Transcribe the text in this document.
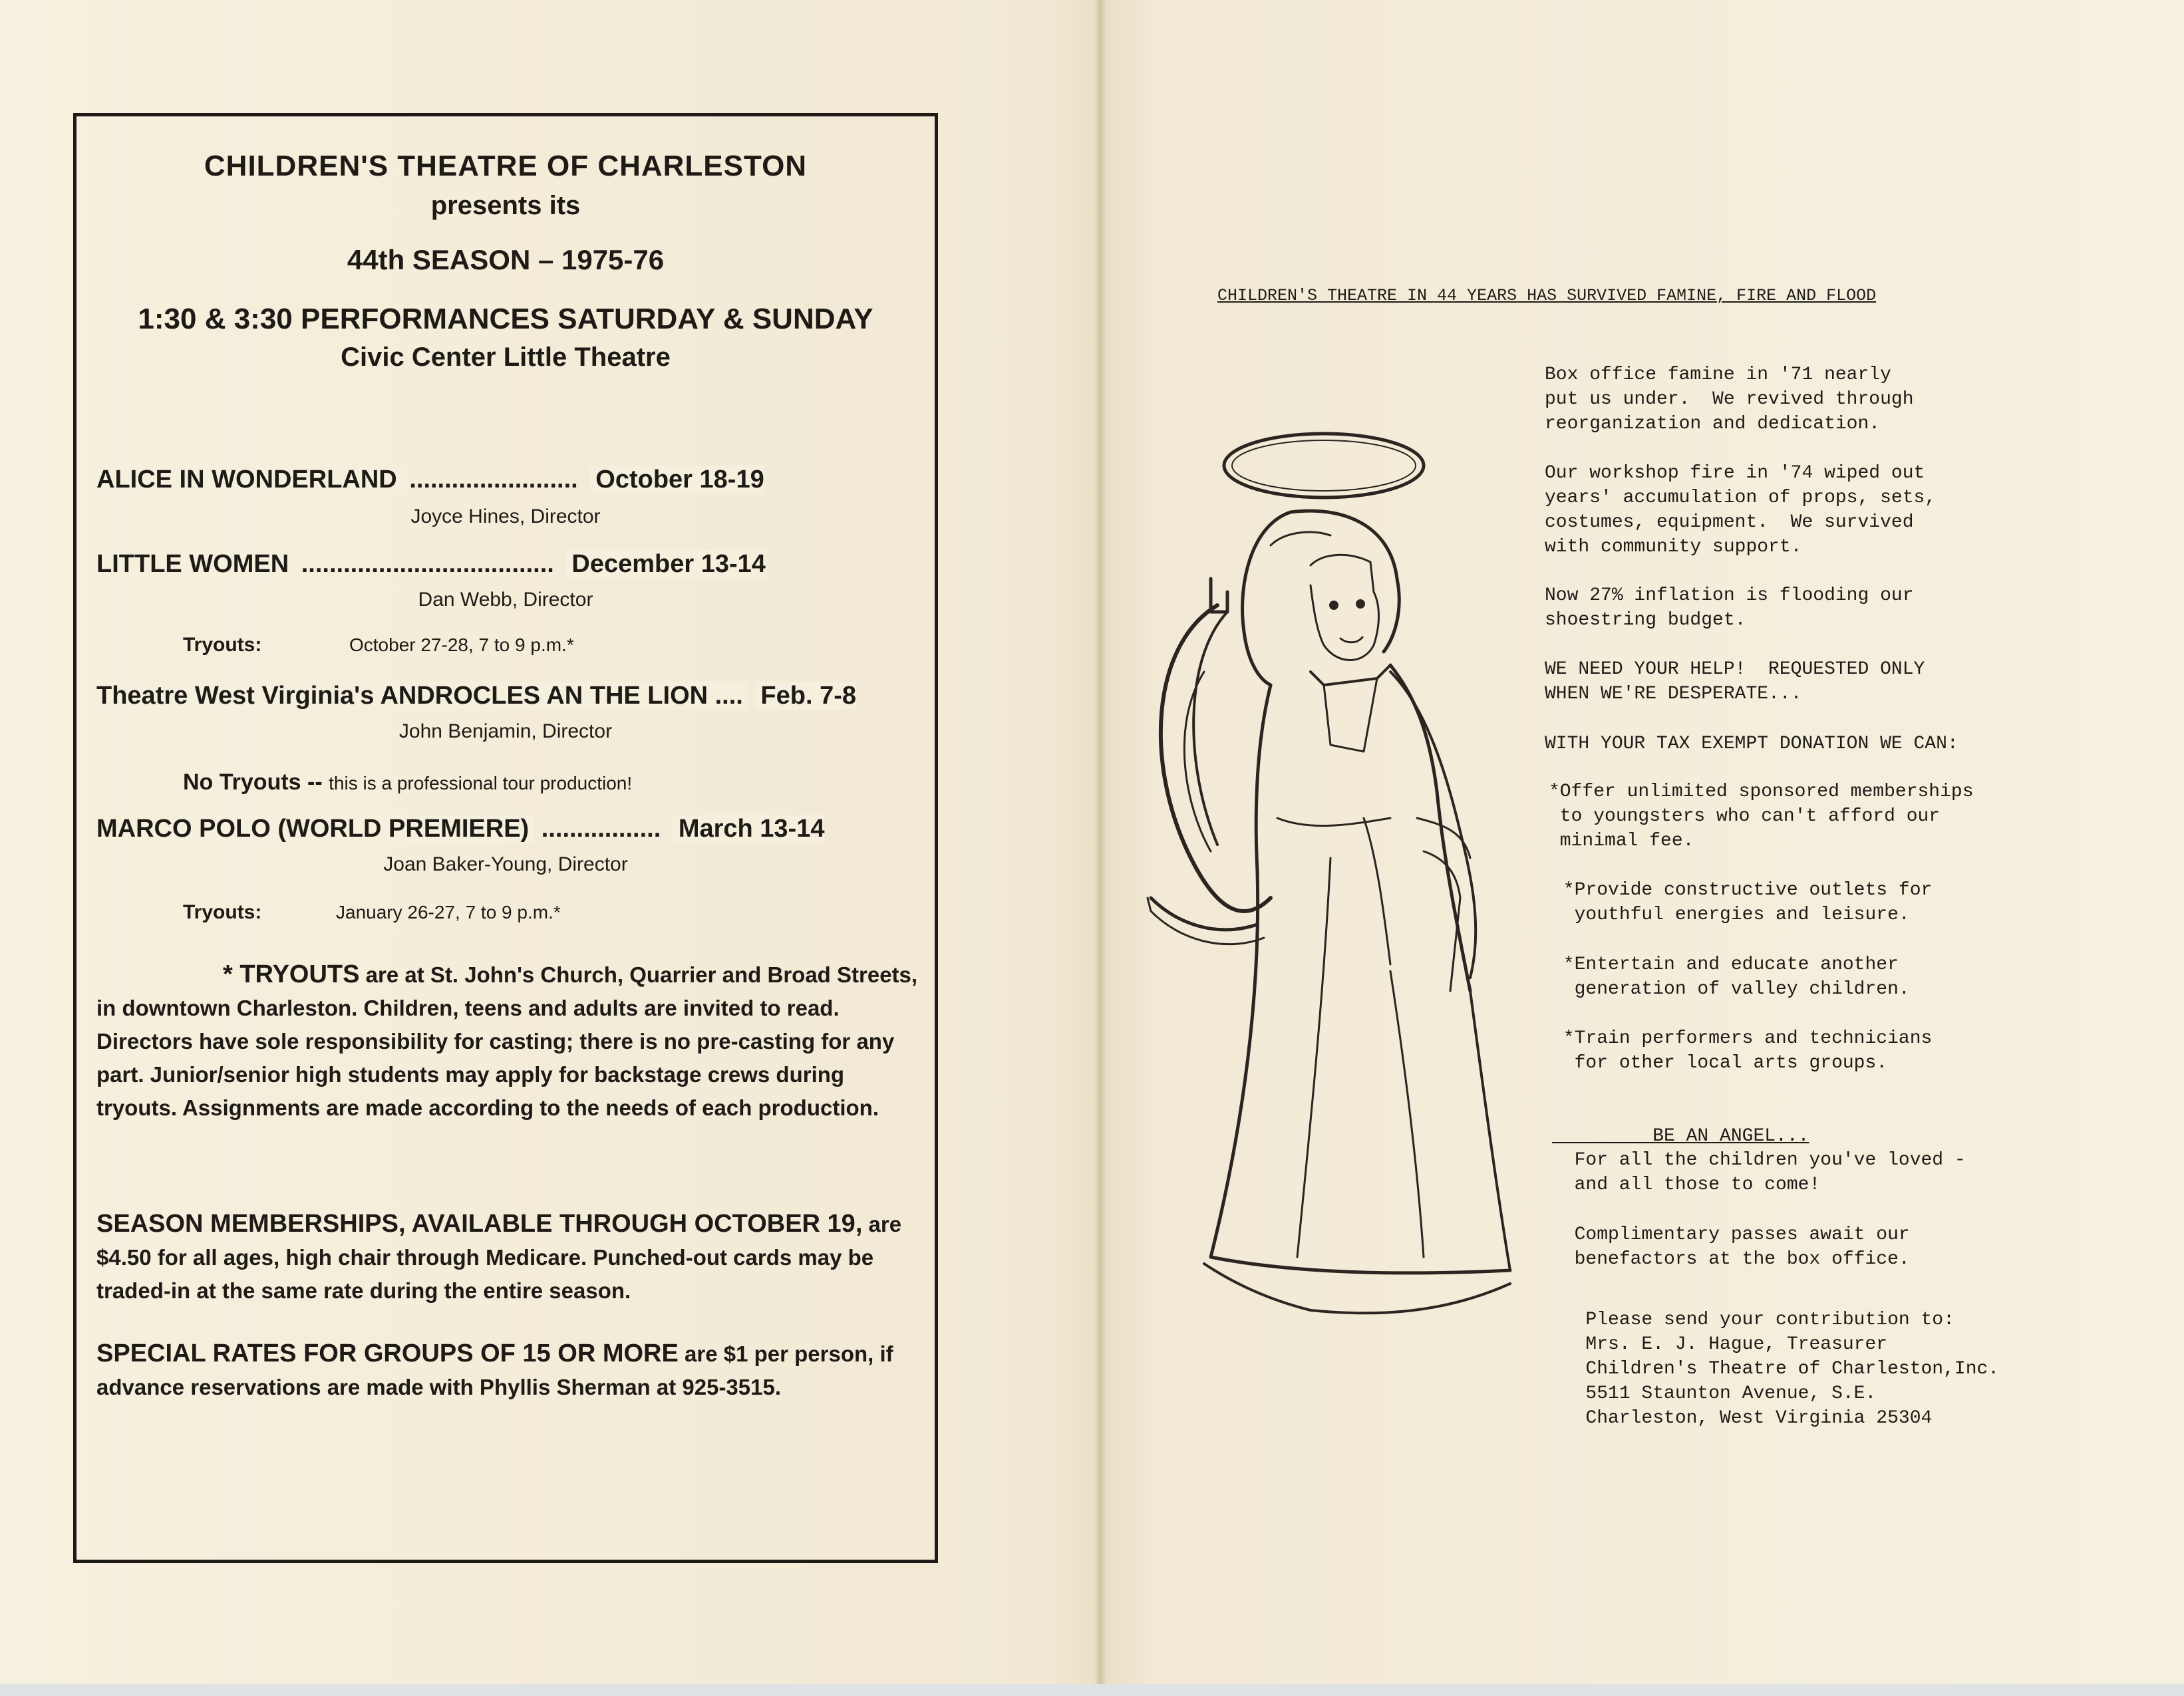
CHILDREN'S THEATRE OF CHARLESTON
presents its
44th SEASON – 1975-76
1:30 & 3:30 PERFORMANCES SATURDAY & SUNDAY
Civic Center Little Theatre
ALICE IN WONDERLAND ........................ October 18-19
Joyce Hines, Director
LITTLE WOMEN .................................... December 13-14
Dan Webb, Director
Tryouts:	October 27-28, 7 to 9 p.m.*
Theatre West Virginia's ANDROCLES AN THE LION .... Feb. 7-8
John Benjamin, Director
No Tryouts -- this is a professional tour production!
MARCO POLO (WORLD PREMIERE) ................. March 13-14
Joan Baker-Young, Director
Tryouts:	January 26-27, 7 to 9 p.m.*
* TRYOUTS are at St. John's Church, Quarrier and Broad Streets, in downtown Charleston. Children, teens and adults are invited to read. Directors have sole responsibility for casting; there is no pre-casting for any part. Junior/senior high students may apply for backstage crews during tryouts. Assignments are made according to the needs of each production.
SEASON MEMBERSHIPS, AVAILABLE THROUGH OCTOBER 19, are $4.50 for all ages, high chair through Medicare. Punched-out cards may be traded-in at the same rate during the entire season.
SPECIAL RATES FOR GROUPS OF 15 OR MORE are $1 per person, if advance reservations are made with Phyllis Sherman at 925-3515.
CHILDREN'S THEATRE IN 44 YEARS HAS SURVIVED FAMINE, FIRE AND FLOOD
Box office famine in '71 nearly
put us under.  We revived through
reorganization and dedication.
Our workshop fire in '74 wiped out
years' accumulation of props, sets,
costumes, equipment.  We survived
with community support.
Now 27% inflation is flooding our
shoestring budget.
WE NEED YOUR HELP!  REQUESTED ONLY
WHEN WE'RE DESPERATE...
WITH YOUR TAX EXEMPT DONATION WE CAN:
*Offer unlimited sponsored memberships
to youngsters who can't afford our
minimal fee.
*Provide constructive outlets for
youthful energies and leisure.
*Entertain and educate another
generation of valley children.
*Train performers and technicians
for other local arts groups.
BE AN ANGEL...
For all the children you've loved -
and all those to come!
Complimentary passes await our
benefactors at the box office.
Please send your contribution to:
Mrs. E. J. Hague, Treasurer
Children's Theatre of Charleston,Inc.
5511 Staunton Avenue, S.E.
Charleston, West Virginia 25304
